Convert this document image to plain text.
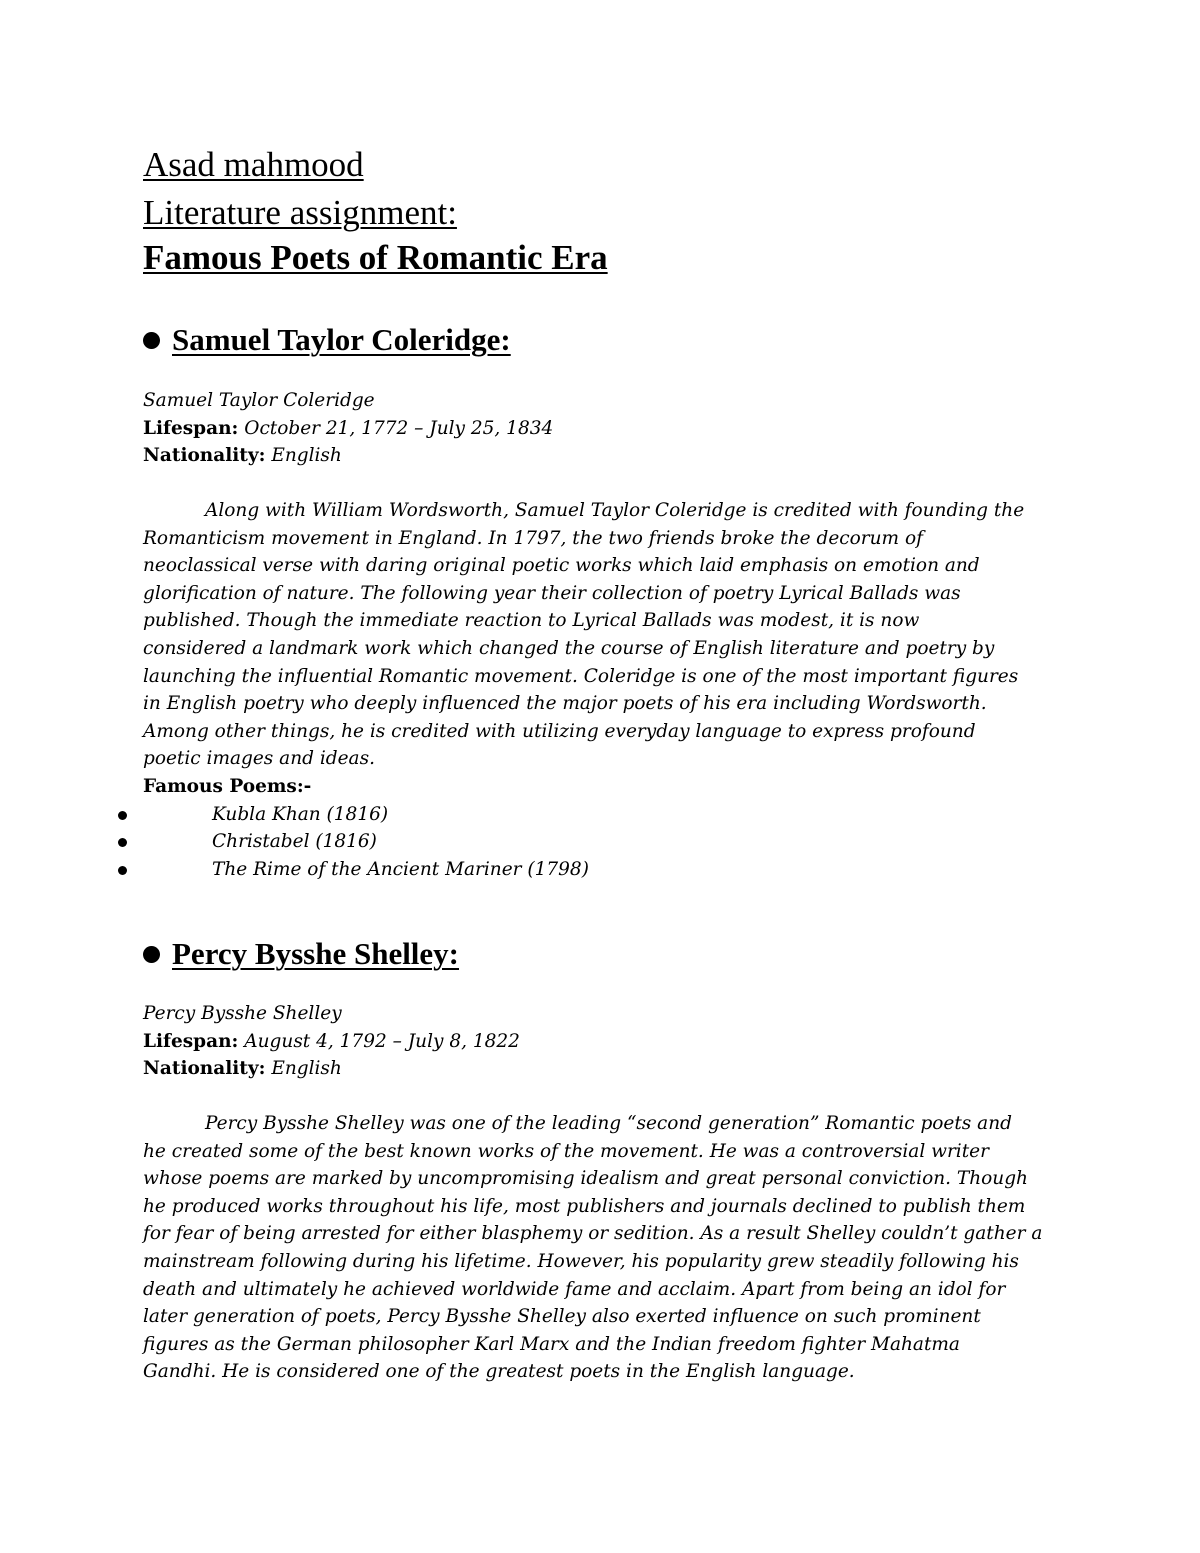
Asad mahmood
Literature assignment:
Famous Poets of Romantic Era
Samuel Taylor Coleridge:
Samuel Taylor Coleridge
Lifespan: October 21, 1772 – July 25, 1834
Nationality: English
Along with William Wordsworth, Samuel Taylor Coleridge is credited with founding the
Romanticism movement in England. In 1797, the two friends broke the decorum of
neoclassical verse with daring original poetic works which laid emphasis on emotion and
glorification of nature. The following year their collection of poetry Lyrical Ballads was
published. Though the immediate reaction to Lyrical Ballads was modest, it is now
considered a landmark work which changed the course of English literature and poetry by
launching the influential Romantic movement. Coleridge is one of the most important figures
in English poetry who deeply influenced the major poets of his era including Wordsworth.
Among other things, he is credited with utilizing everyday language to express profound
poetic images and ideas.
Famous Poems:-
Kubla Khan (1816)
Christabel (1816)
The Rime of the Ancient Mariner (1798)
Percy Bysshe Shelley:
Percy Bysshe Shelley
Lifespan: August 4, 1792 – July 8, 1822
Nationality: English
Percy Bysshe Shelley was one of the leading “second generation” Romantic poets and
he created some of the best known works of the movement. He was a controversial writer
whose poems are marked by uncompromising idealism and great personal conviction. Though
he produced works throughout his life, most publishers and journals declined to publish them
for fear of being arrested for either blasphemy or sedition. As a result Shelley couldn’t gather a
mainstream following during his lifetime. However, his popularity grew steadily following his
death and ultimately he achieved worldwide fame and acclaim. Apart from being an idol for
later generation of poets, Percy Bysshe Shelley also exerted influence on such prominent
figures as the German philosopher Karl Marx and the Indian freedom fighter Mahatma
Gandhi. He is considered one of the greatest poets in the English language.
